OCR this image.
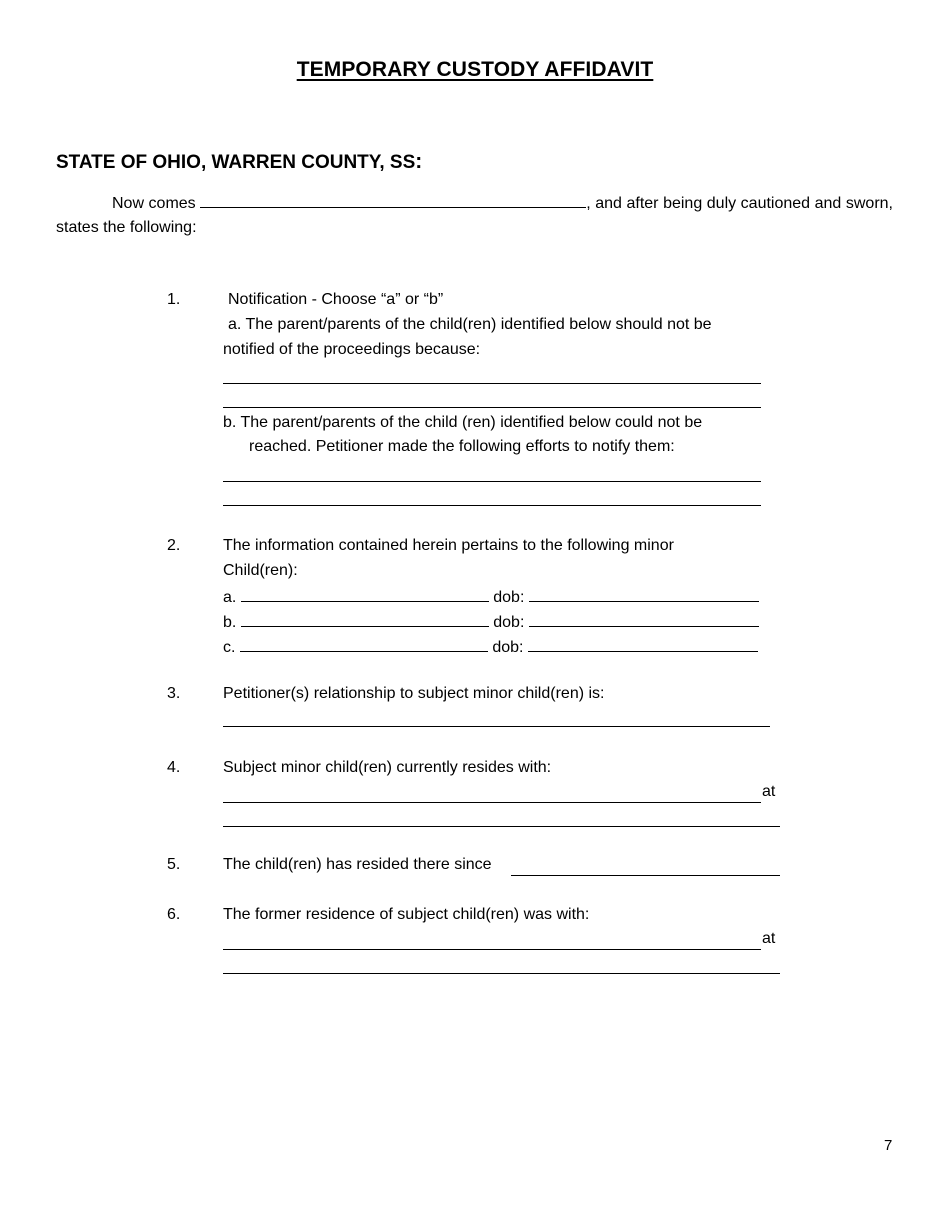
TEMPORARY CUSTODY AFFIDAVIT
STATE OF OHIO, WARREN COUNTY, SS:
Now comes	, and after being duly cautioned and sworn, states the following:
1.	Notification - Choose “a” or “b”
a. The parent/parents of the child(ren) identified below should not be
notified of the proceedings because:
b. The parent/parents of the child (ren) identified below could not be
reached. Petitioner made the following efforts to notify them:
2.	The information contained herein pertains to the following minor
Child(ren):
a.	dob:
b.	dob:
c.	dob:
3.	Petitioner(s) relationship to subject minor child(ren) is:
4.	Subject minor child(ren) currently resides with:
at
5.	The child(ren) has resided there since
6.	The former residence of subject child(ren) was with:
at
7
